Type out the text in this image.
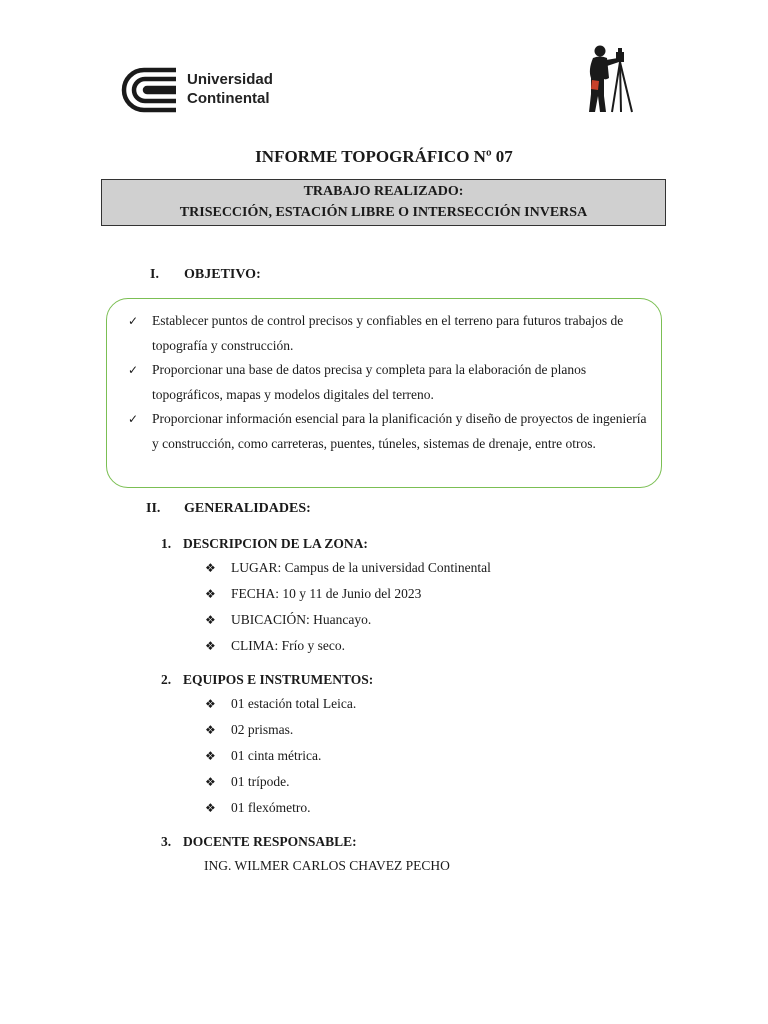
Universidad
Continental
INFORME TOPOGRÁFICO Nº 07
TRABAJO REALIZADO:
TRISECCIÓN, ESTACIÓN LIBRE O INTERSECCIÓN INVERSA
I. OBJETIVO:
✓ Establecer puntos de control precisos y confiables en el terreno para futuros trabajos de topografía y construcción.
✓ Proporcionar una base de datos precisa y completa para la elaboración de planos topográficos, mapas y modelos digitales del terreno.
✓ Proporcionar información esencial para la planificación y diseño de proyectos de ingeniería y construcción, como carreteras, puentes, túneles, sistemas de drenaje, entre otros.
II. GENERALIDADES:
1. DESCRIPCION DE LA ZONA:
❖ LUGAR: Campus de la universidad Continental
❖ FECHA: 10 y 11 de Junio del 2023
❖ UBICACIÓN: Huancayo.
❖ CLIMA: Frío y seco.
2. EQUIPOS E INSTRUMENTOS:
❖ 01 estación total Leica.
❖ 02 prismas.
❖ 01 cinta métrica.
❖ 01 trípode.
❖ 01 flexómetro.
3. DOCENTE RESPONSABLE:
ING. WILMER CARLOS CHAVEZ PECHO
